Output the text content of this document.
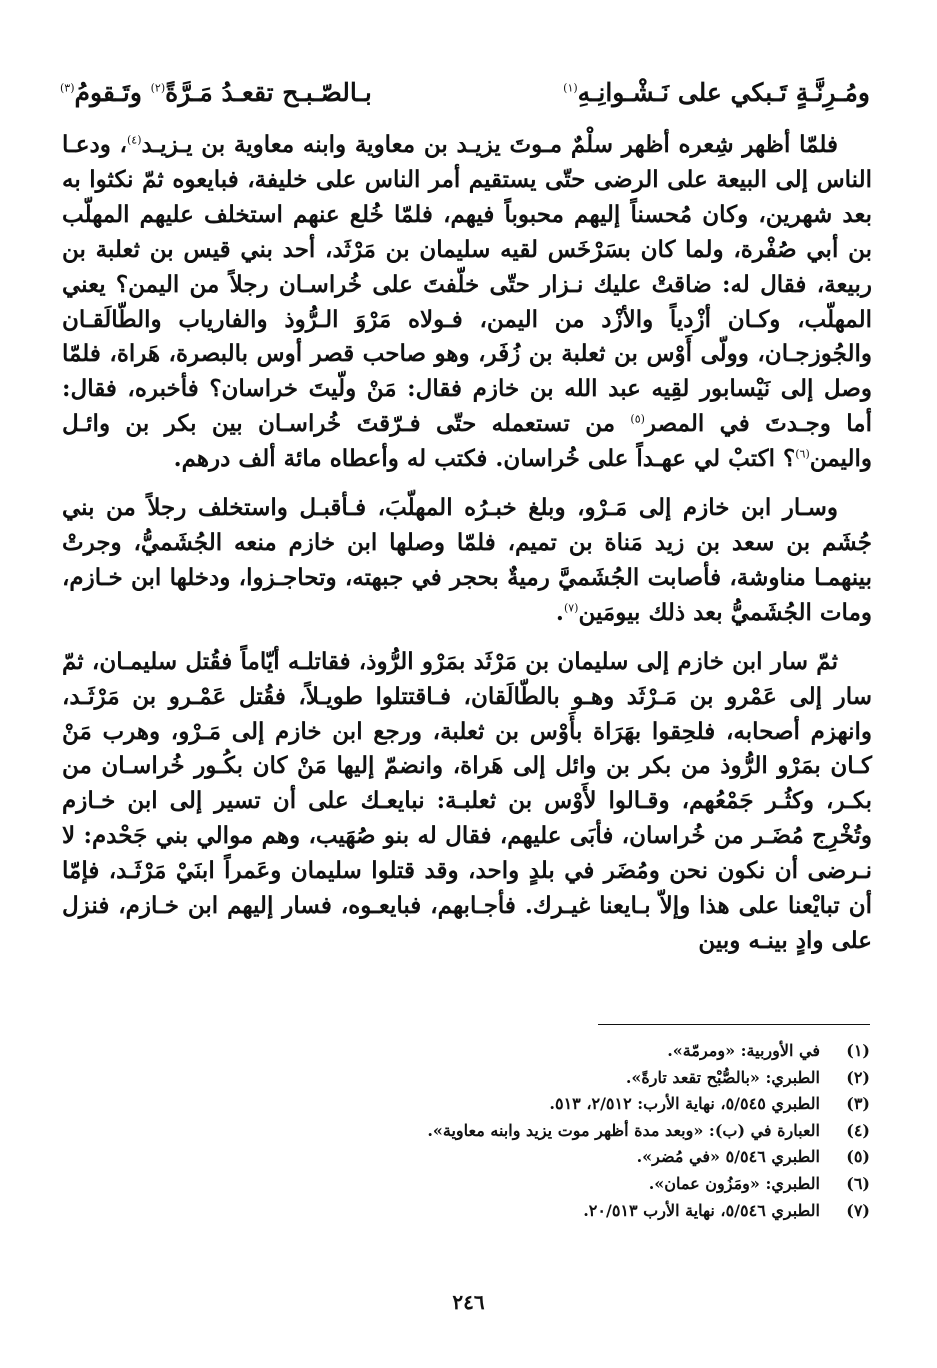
ومُـرِنَّـةٍ تَـبكي على نَـشْـوانِـهِ$^{(١)}$
بـالصّـبـح تقعـدُ مَـرَّةً$^{(٢)}$ وتَـقومُ$^{(٣)}$

فلمّا أظهر شِعره أظهر سلْمٌ مـوتَ يزيـد بن معاوية وابنه معاوية بن يـزيـد$^{(٤)}$، ودعـا الناس إلى البيعة على الرضى حتّى يستقيم أمر الناس على خليفة، فبايعوه ثمّ نكثوا به بعد شهرين، وكان مُحسناً إليهم محبوباً فيهم، فلمّا خُلع عنهم استخلف عليهم المهلّب بن أبي صُفْرة، ولما كان بسَرْخَس لقيه سليمان بن مَرْثَد، أحد بني قيس بن ثعلبة بن ربيعة، فقال له: ضاقتْ عليك نـزار حتّى خلّفتَ على خُراسـان رجلاً من اليمن؟ يعني المهلّب، وكـان أزْدياً والأزْد من اليمن، فـولاه مَرْوَ الـرُّوذ والفارياب والطّالَقـان والجُوزجـان، وولّى أَوْس بن ثعلبة بن زُفَر، وهو صاحب قصر أوس بالبصرة، هَراة، فلمّا وصل إلى نَيْسابور لقِيه عبد الله بن خازم فقال: مَنْ ولّيتَ خراسان؟ فأخبره، فقال: أما وجـدتَ في المصر$^{(٥)}$ من تستعمله حتّى فـرّقتَ خُراسـان بين بكر بن وائـل واليمن$^{(٦)}$؟ اكتبْ لي عهـداً على خُراسان. فكتب له وأعطاه مائة ألف درهم.

وسـار ابن خازم إلى مَـرْو، وبلغ خبـرُه المهلّبَ، فـأقبـل واستخلف رجلاً من بني جُشَم بن سعد بن زيد مَناة بن تميم، فلمّا وصلها ابن خازم منعه الجُشَميُّ، وجرتْ بينهمـا مناوشة، فأصابت الجُشَميَّ رميةٌ بحجر في جبهته، وتحاجـزوا، ودخلها ابن خـازم، ومات الجُشَميُّ بعد ذلك بيومَين$^{(٧)}$.

ثمّ سار ابن خازم إلى سليمان بن مَرْثَد بمَرْو الرُّوذ، فقاتلـه أيّاماً فقُتل سليمـان، ثمّ سار إلى عَمْرو بن مَـرْثَد وهـو بالطّالَقان، فـاقتتلوا طويـلاً، فقُتل عَمْـرو بن مَرْثَـد، وانهزم أصحابه، فلحِقوا بهَرَاة بأَوْس بن ثعلبة، ورجع ابن خازم إلى مَـرْو، وهرب مَنْ كـان بمَرْو الرُّوذ من بكر بن وائل إلى هَراة، وانضمّ إليها مَنْ كان بكُـور خُراسـان من بكـر، وكثُـر جَمْعُهم، وقـالوا لأَوْس بن ثعلبـة: نبايعـك على أن تسير إلى ابن خـازم وتُخْرِج مُضَـر من خُراسان، فأبَى عليهم، فقال له بنو صُهَيب، وهم موالي بني جَحْدم: لا نـرضى أن نكون نحن ومُضَر في بلدٍ واحد، وقد قتلوا سليمان وعَمراً ابنَيْ مَرْثَـد، فإمّا أن تبايْعنا على هذا وإلاّ بـايعنا غيـرك. فأجـابهم، فبايعـوه، فسار إليهم ابن خـازم، فنزل على وادٍ بينـه وبين

(١)في الأوربية: «ومرمّة».
(٢)الطبري: «بالصُّبْح تقعد تارةً».
(٣)الطبري ٥/٥٤٥، نهاية الأرب: ٢/٥١٢، ٥١٣.
(٤)العبارة في (ب): «وبعد مدة أظهر موت يزيد وابنه معاوية».
(٥)الطبري ٥/٥٤٦ «في مُضر».
(٦)الطبري: «ومَزُون عمان».
(٧)الطبري ٥/٥٤٦، نهاية الأرب ٢٠/٥١٣.
٢٤٦
